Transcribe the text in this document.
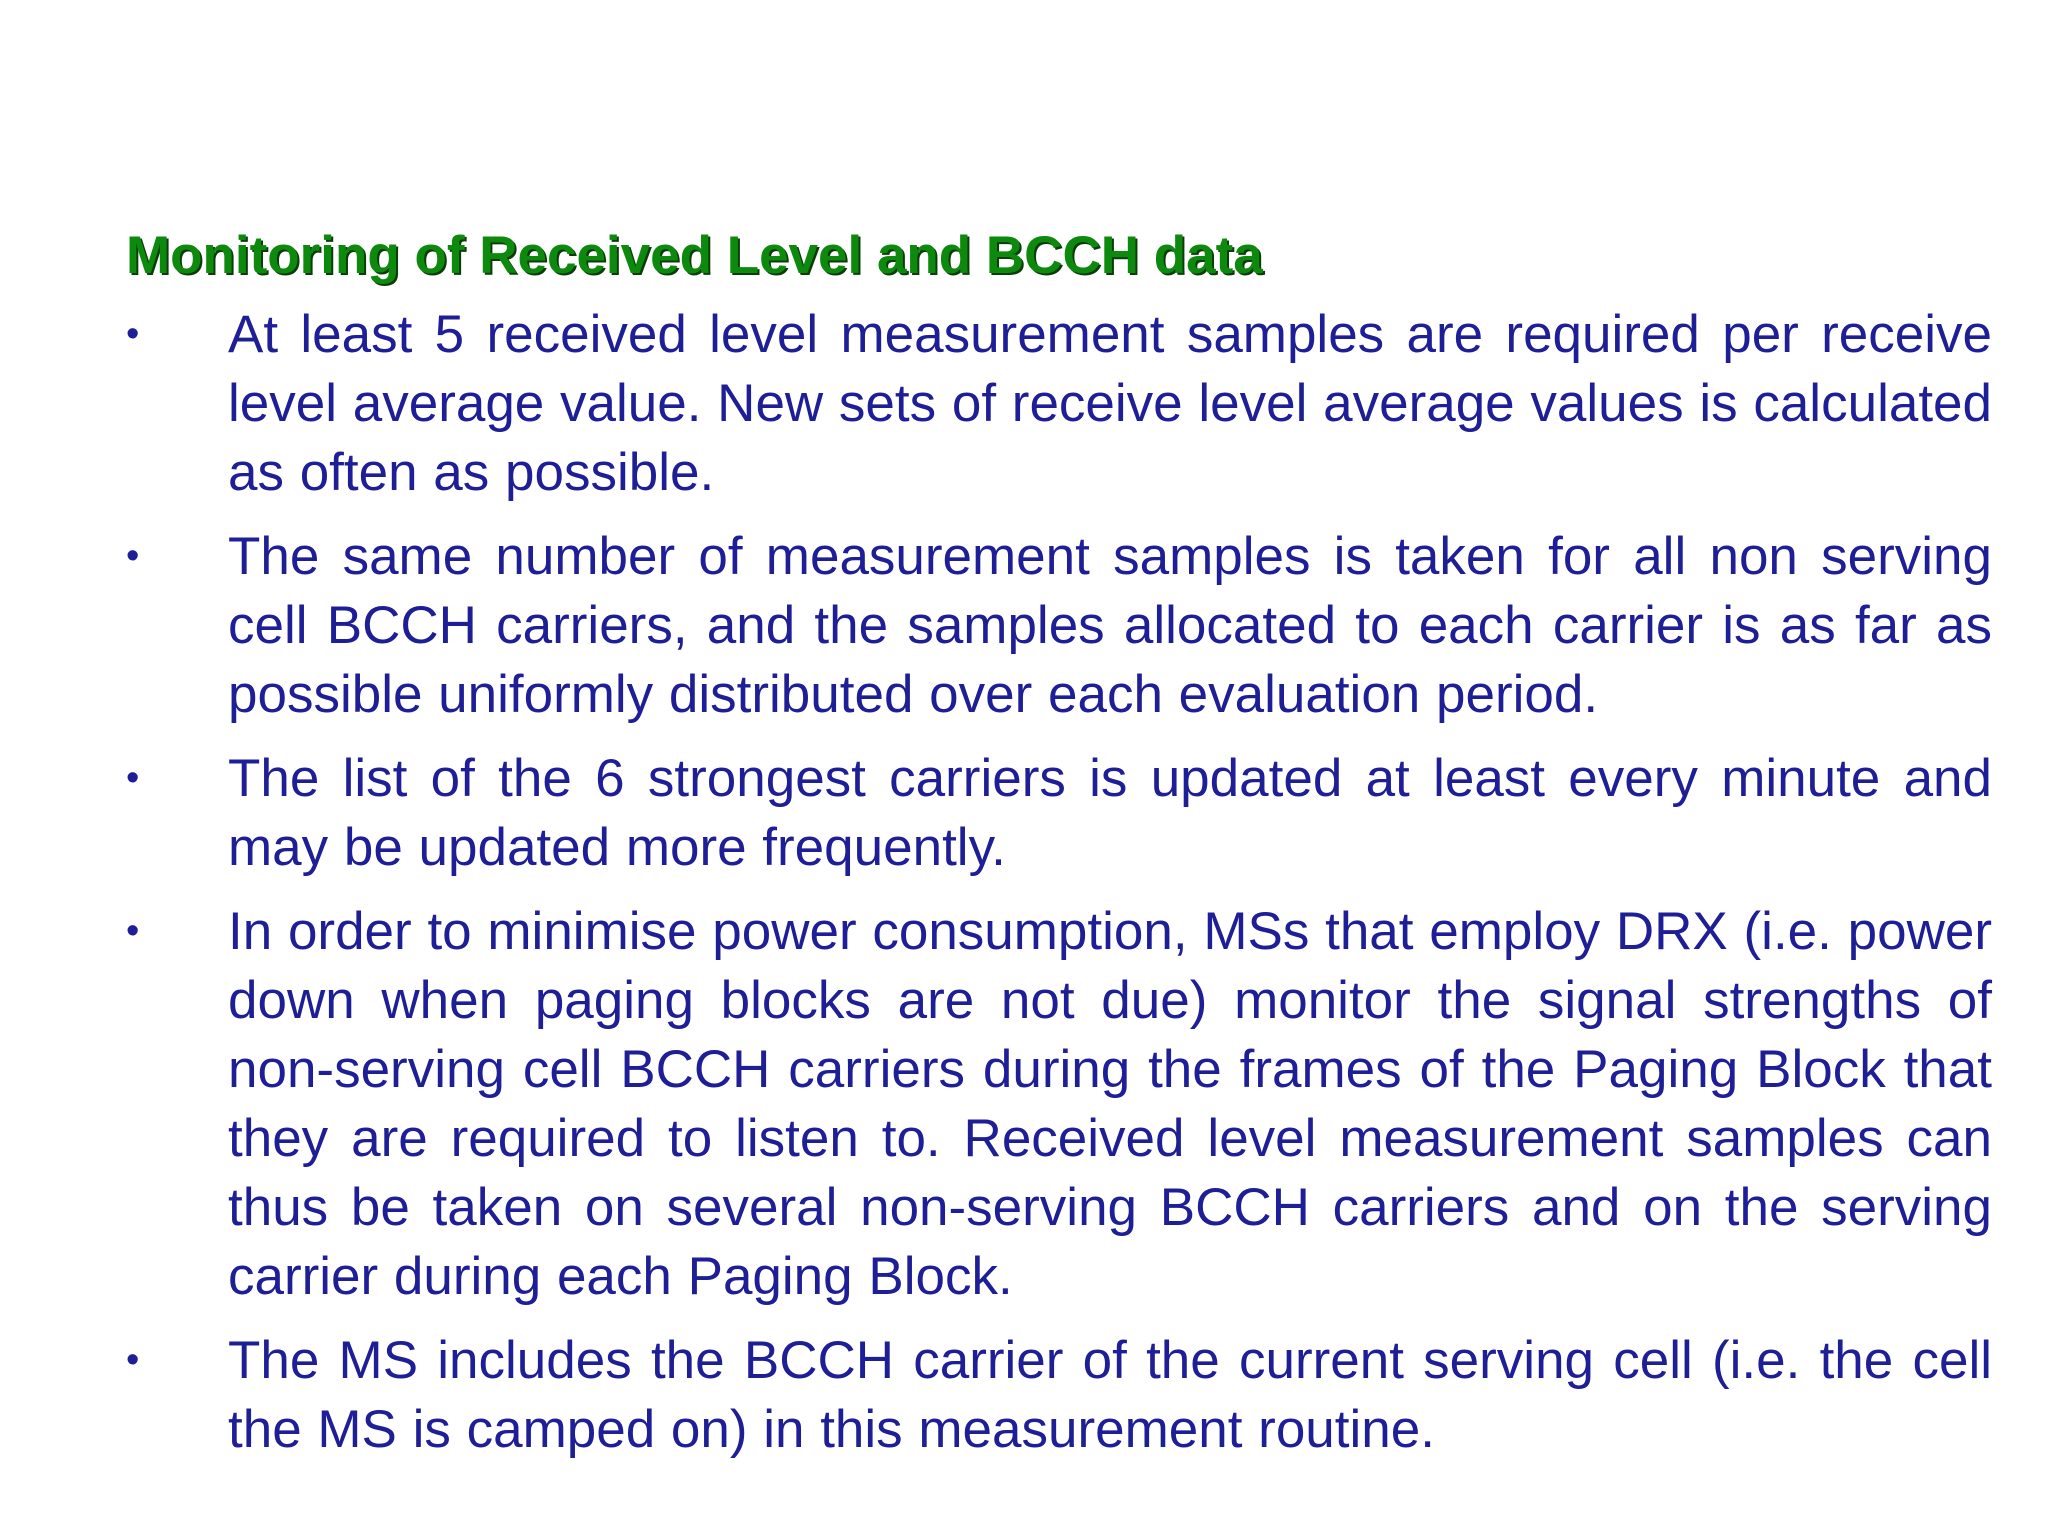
Monitoring of Received Level and BCCH data
• At least 5 received level measurement samples are required per receive level average value. New sets of receive level average values is calculated as often as possible.
• The same number of measurement samples is taken for all non serving cell BCCH carriers, and the samples allocated to each carrier is as far as possible uniformly distributed over each evaluation period.
• The list of the 6 strongest carriers is updated at least every minute and may be updated more frequently.
• In order to minimise power consumption, MSs that employ DRX (i.e. power down when paging blocks are not due) monitor the signal strengths of non-serving cell BCCH carriers during the frames of the Paging Block that they are required to listen to. Received level measurement samples can thus be taken on several non-serving BCCH carriers and on the serving carrier during each Paging Block.
• The MS includes the BCCH carrier of the current serving cell (i.e. the cell the MS is camped on) in this measurement routine.
